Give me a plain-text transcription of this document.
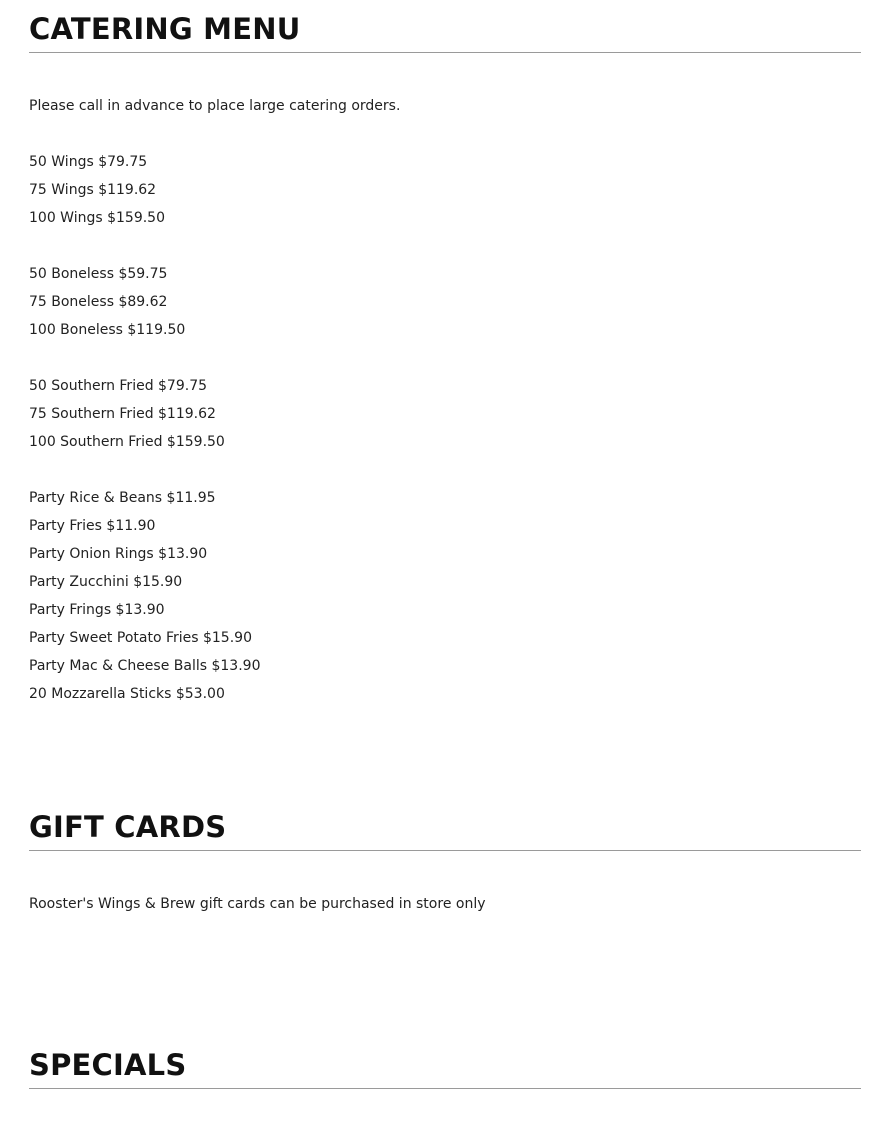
CATERING MENU
Please call in advance to place large catering orders.
50 Wings $79.75
75 Wings $119.62
100 Wings $159.50
50 Boneless $59.75
75 Boneless $89.62
100 Boneless $119.50
50 Southern Fried $79.75
75 Southern Fried $119.62
100 Southern Fried $159.50
Party Rice & Beans $11.95
Party Fries $11.90
Party Onion Rings $13.90
Party Zucchini $15.90
Party Frings $13.90
Party Sweet Potato Fries $15.90
Party Mac & Cheese Balls $13.90
20 Mozzarella Sticks $53.00
GIFT CARDS
Rooster's Wings & Brew gift cards can be purchased in store only
SPECIALS
